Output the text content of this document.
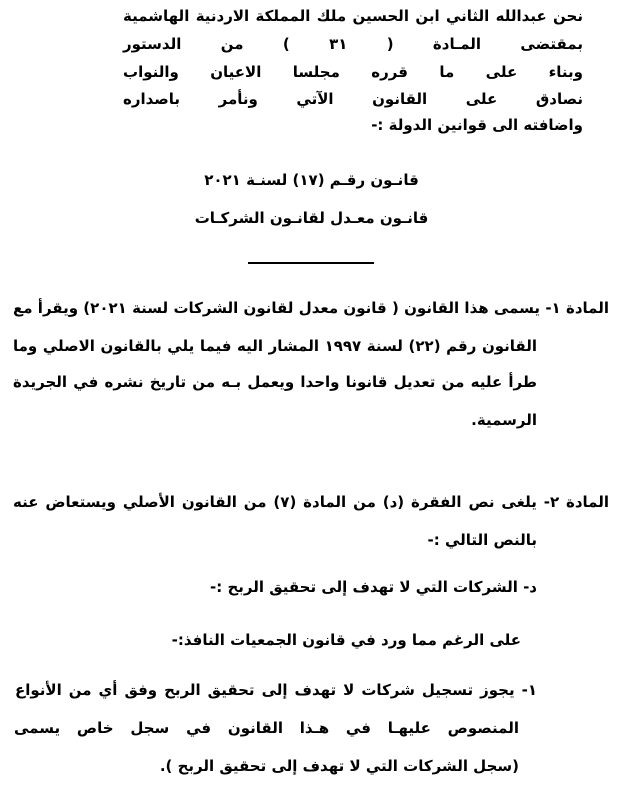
نحن عبدالله الثاني ابن الحسين ملك المملكة الاردنية الهاشمية

بمقتضى المـادة ( ٣١ ) من الدستور

وبناء على ما قرره مجلسا الاعيان والنواب

نصادق على القانون الآتي ونأمر باصداره

واضافته الى قوانين الدولة :-

قانـون رقـم (١٧) لسنـة ٢٠٢١

قانـون معـدل لقانـون الشركـات

المادة ١- يسمى هذا القانون ( قانون معدل لقانون الشركات لسنة ٢٠٢١) ويقرأ مع

القانون رقم (٢٢) لسنة ١٩٩٧ المشار اليه فيما يلي بالقانون الاصلي وما

طرأ عليه من تعديل قانونا واحدا ويعمل بـه من تاريخ نشره في الجريدة

الرسمية.

المادة ٢- يلغى نص الفقرة (د) من المادة (٧) من القانون الأصلي ويستعاض عنه

بالنص التالي :-

د- الشركات التي لا تهدف إلى تحقيق الربح :-

على الرغم مما ورد في قانون الجمعيات النافذ:-

١- يجوز تسجيل شركات لا تهدف إلى تحقيق الربح وفق أي من الأنواع

المنصوص عليهـا في هـذا القانون في سجل خاص يسمى

(سجل الشركات التي لا تهدف إلى تحقيق الربح ).
